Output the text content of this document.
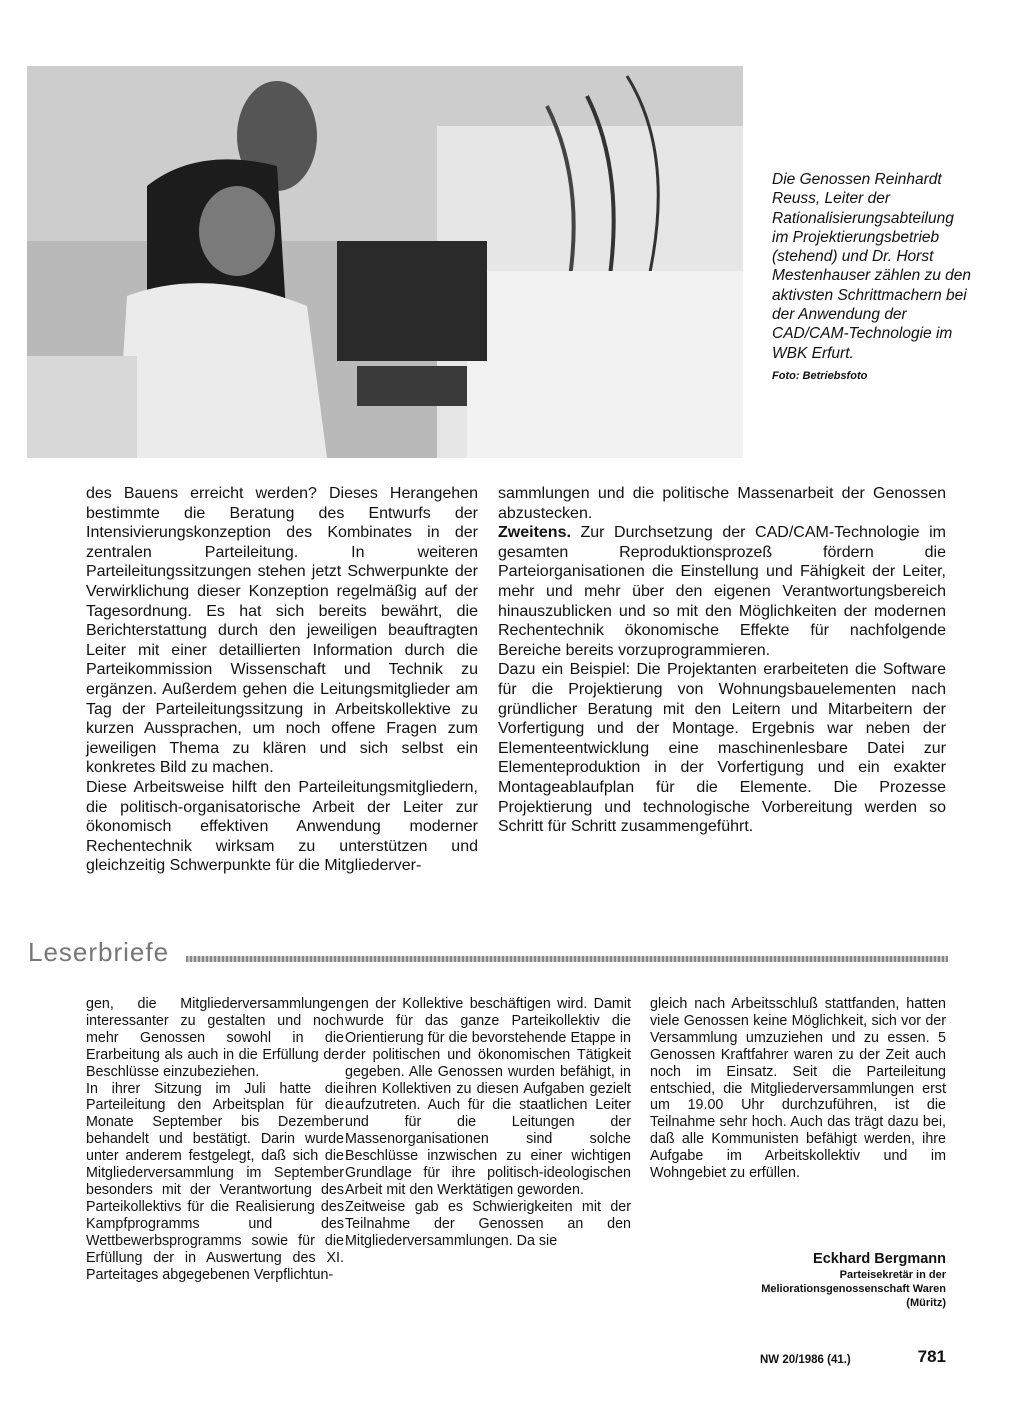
Die Genossen Reinhardt Reuss, Leiter der Rationalisierungsabteilung im Projektierungsbetrieb (stehend) und Dr. Horst Mestenhauser zählen zu den aktivsten Schrittmachern bei der Anwendung der CAD/CAM-Technologie im WBK Erfurt.
Foto: Betriebsfoto

des Bauens erreicht werden? Dieses Herangehen bestimmte die Beratung des Entwurfs der Intensivierungskonzeption des Kombinates in der zentralen Parteileitung. In weiteren Parteileitungssitzungen stehen jetzt Schwerpunkte der Verwirklichung dieser Konzeption regelmäßig auf der Tagesordnung. Es hat sich bereits bewährt, die Berichterstattung durch den jeweiligen beauftragten Leiter mit einer detaillierten Information durch die Parteikommission Wissenschaft und Technik zu ergänzen. Außerdem gehen die Leitungsmitglieder am Tag der Parteileitungssitzung in Arbeitskollektive zu kurzen Aussprachen, um noch offene Fragen zum jeweiligen Thema zu klären und sich selbst ein konkretes Bild zu machen.

Diese Arbeitsweise hilft den Parteileitungsmitgliedern, die politisch-organisatorische Arbeit der Leiter zur ökonomisch effektiven Anwendung moderner Rechentechnik wirksam zu unterstützen und gleichzeitig Schwerpunkte für die Mitgliederver-

sammlungen und die politische Massenarbeit der Genossen abzustecken.

Zweitens. Zur Durchsetzung der CAD/CAM-Technologie im gesamten Reproduktionsprozeß fördern die Parteiorganisationen die Einstellung und Fähigkeit der Leiter, mehr und mehr über den eigenen Verantwortungsbereich hinauszublicken und so mit den Möglichkeiten der modernen Rechentechnik ökonomische Effekte für nachfolgende Bereiche bereits vorzuprogrammieren.

Dazu ein Beispiel: Die Projektanten erarbeiteten die Software für die Projektierung von Wohnungsbauelementen nach gründlicher Beratung mit den Leitern und Mitarbeitern der Vorfertigung und der Montage. Ergebnis war neben der Elementeentwicklung eine maschinenlesbare Datei zur Elementeproduktion in der Vorfertigung und ein exakter Montageablaufplan für die Elemente. Die Prozesse Projektierung und technologische Vorbereitung werden so Schritt für Schritt zusammengeführt.

Leserbriefe

gen, die Mitgliederversammlungen interessanter zu gestalten und noch mehr Genossen sowohl in die Erarbeitung als auch in die Erfüllung der Beschlüsse einzubeziehen.

In ihrer Sitzung im Juli hatte die Parteileitung den Arbeitsplan für die Monate September bis Dezember behandelt und bestätigt. Darin wurde unter anderem festgelegt, daß sich die Mitgliederversammlung im September besonders mit der Verantwortung des Parteikollektivs für die Realisierung des Kampfprogramms und des Wettbewerbsprogramms sowie für die Erfüllung der in Auswertung des XI. Parteitages abgegebenen Verpflichtun-

gen der Kollektive beschäftigen wird. Damit wurde für das ganze Parteikollektiv die Orientierung für die bevorstehende Etappe in der politischen und ökonomischen Tätigkeit gegeben. Alle Genossen wurden befähigt, in ihren Kollektiven zu diesen Aufgaben gezielt aufzutreten. Auch für die staatlichen Leiter und für die Leitungen der Massenorganisationen sind solche Beschlüsse inzwischen zu einer wichtigen Grundlage für ihre politisch-ideologischen Arbeit mit den Werktätigen geworden.

Zeitweise gab es Schwierigkeiten mit der Teilnahme der Genossen an den Mitgliederversammlungen. Da sie

gleich nach Arbeitsschluß stattfanden, hatten viele Genossen keine Möglichkeit, sich vor der Versammlung umzuziehen und zu essen. 5 Genossen Kraftfahrer waren zu der Zeit auch noch im Einsatz. Seit die Parteileitung entschied, die Mitgliederversammlungen erst um 19.00 Uhr durchzuführen, ist die Teilnahme sehr hoch. Auch das trägt dazu bei, daß alle Kommunisten befähigt werden, ihre Aufgabe im Arbeitskollektiv und im Wohngebiet zu erfüllen.

Eckhard Bergmann
Parteisekretär in der
Meliorationsgenossenschaft Waren
(Müritz)
NW 20/1986 (41.)	781
